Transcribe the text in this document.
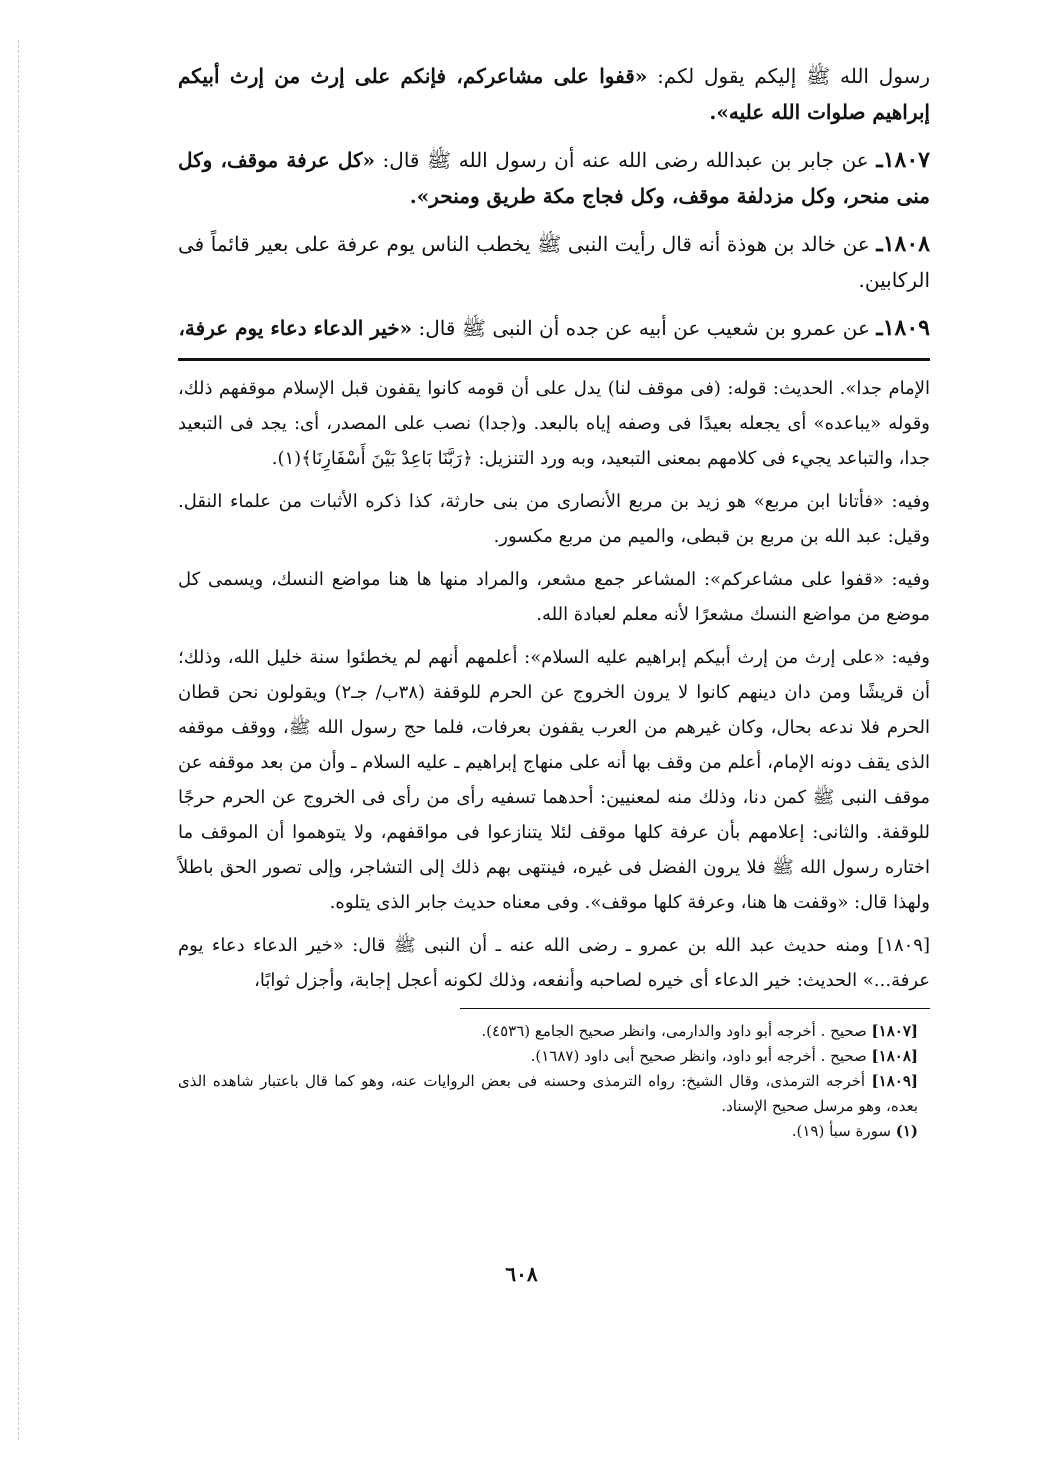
رسول الله ﷺ إليكم يقول لكم: «قفوا على مشاعركم، فإنكم على إرث من إرث أبيكم إبراهيم صلوات الله عليه».

١٨٠٧ـ عن جابر بن عبدالله رضى الله عنه أن رسول الله ﷺ قال: «كل عرفة موقف، وكل منى منحر، وكل مزدلفة موقف، وكل فجاج مكة طريق ومنحر».

١٨٠٨ـ عن خالد بن هوذة أنه قال رأيت النبى ﷺ يخطب الناس يوم عرفة على بعير قائماً فى الركابين.

١٨٠٩ـ عن عمرو بن شعيب عن أبيه عن جده أن النبى ﷺ قال: «خير الدعاء دعاء يوم عرفة،

الإمام جدا». الحديث: قوله: (فى موقف لنا) يدل على أن قومه كانوا يقفون قبل الإسلام موقفهم ذلك، وقوله «يباعده» أى يجعله بعيدًا فى وصفه إياه بالبعد. و(جدا) نصب على المصدر، أى: يجد فى التبعيد جدا، والتباعد يجيء فى كلامهم بمعنى التبعيد، وبه ورد التنزيل: ﴿رَبَّنَا بَاعِدْ بَيْنَ أَسْفَارِنَا﴾(١).

وفيه: «فأتانا ابن مربع» هو زيد بن مربع الأنصارى من بنى حارثة، كذا ذكره الأثبات من علماء النقل. وقيل: عبد الله بن مربع بن قبطى، والميم من مربع مكسور.

وفيه: «قفوا على مشاعركم»: المشاعر جمع مشعر، والمراد منها ها هنا مواضع النسك، ويسمى كل موضع من مواضع النسك مشعرًا لأنه معلم لعبادة الله.

وفيه: «على إرث من إرث أبيكم إبراهيم عليه السلام»: أعلمهم أنهم لم يخطئوا سنة خليل الله، وذلك؛ أن قريشًا ومن دان دينهم كانوا لا يرون الخروج عن الحرم للوقفة (٣٨ب/ جـ٢) ويقولون نحن قطان الحرم فلا ندعه بحال، وكان غيرهم من العرب يقفون بعرفات، فلما حج رسول الله ﷺ، ووقف موقفه الذى يقف دونه الإمام، أعلم من وقف بها أنه على منهاج إبراهيم ـ عليه السلام ـ وأن من بعد موقفه عن موقف النبى ﷺ كمن دنا، وذلك منه لمعنيين: أحدهما تسفيه رأى من رأى فى الخروج عن الحرم حرجًا للوقفة. والثانى: إعلامهم بأن عرفة كلها موقف لئلا يتنازعوا فى مواقفهم، ولا يتوهموا أن الموقف ما اختاره رسول الله ﷺ فلا يرون الفضل فى غيره، فينتهى بهم ذلك إلى التشاجر، وإلى تصور الحق باطلاً ولهذا قال: «وقفت ها هنا، وعرفة كلها موقف». وفى معناه حديث جابر الذى يتلوه.

[١٨٠٩] ومنه حديث عبد الله بن عمرو ـ رضى الله عنه ـ أن النبى ﷺ قال: «خير الدعاء دعاء يوم عرفة...» الحديث: خير الدعاء أى خيره لصاحبه وأنفعه، وذلك لكونه أعجل إجابة، وأجزل ثوابًا،

[١٨٠٧] صحيح . أخرجه أبو داود والدارمى، وانظر صحيح الجامع (٤٥٣٦).
[١٨٠٨] صحيح . أخرجه أبو داود، وانظر صحيح أبى داود (١٦٨٧).
[١٨٠٩] أخرجه الترمذى، وقال الشيخ: رواه الترمذى وحسنه فى بعض الروايات عنه، وهو كما قال باعتبار شاهده الذى بعده، وهو مرسل صحيح الإسناد.
(١) سورة سبأ (١٩).
٦٠٨
